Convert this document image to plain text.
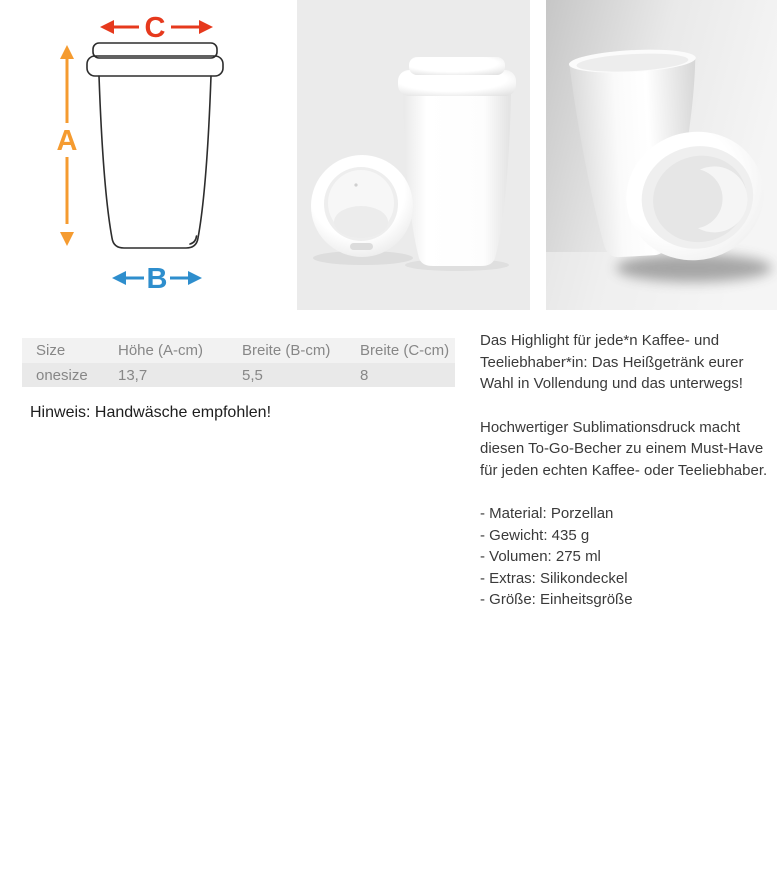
C
A
B
Size	Höhe (A-cm)	Breite (B-cm)	Breite (C-cm)
onesize	13,7	5,5	8
Hinweis: Handwäsche empfohlen!

Das Highlight für jede*n Kaffee- und Teeliebhaber*in: Das Heißgetränk eurer Wahl in Vollendung und das unterwegs!

Hochwertiger Sublimationsdruck macht diesen To-Go-Becher zu einem Must-Have für jeden echten Kaffee- oder Teeliebhaber.

- Material: Porzellan
- Gewicht: 435 g
- Volumen: 275 ml
- Extras: Silikondeckel
- Größe: Einheitsgröße
